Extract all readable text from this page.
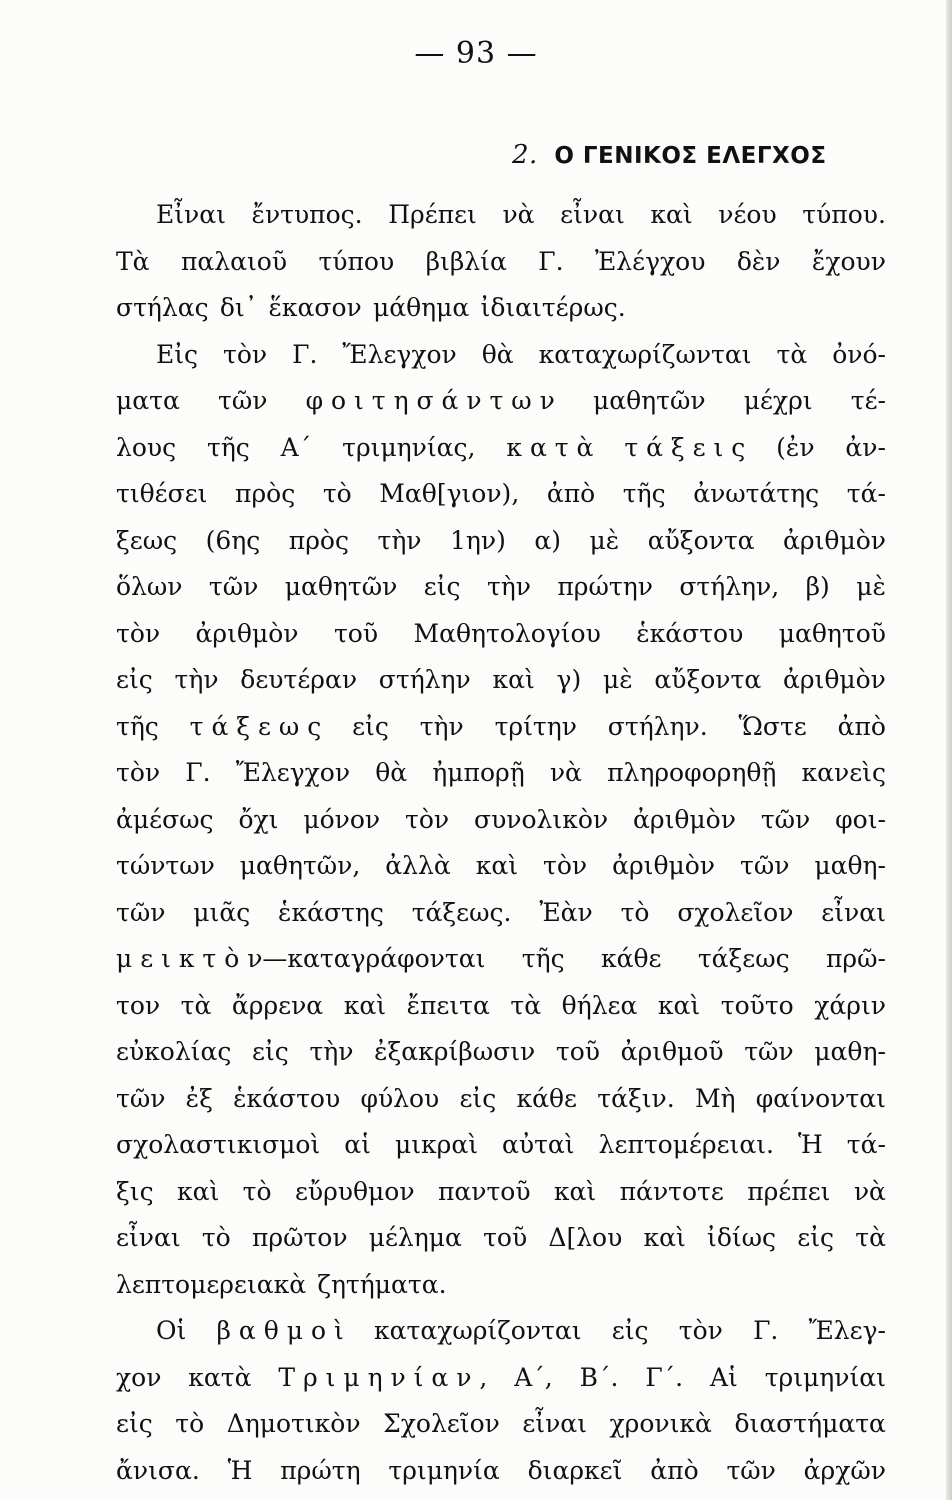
— 93 —
2. Ο ΓΕΝΙΚΟΣ ΕΛΕΓΧΟΣ
Εἶναι ἔντυπος. Πρέπει νὰ εἶναι καὶ νέου τύπου.
Τὰ παλαιοῦ τύπου βιβλία Γ. Ἐλέγχου δὲν ἔχουν
στήλας δι᾿ ἕκασον μάθημα ἰδιαιτέρως.
Εἰς τὸν Γ. Ἔλεγχον θὰ καταχωρίζωνται τὰ ὀνό-
ματα τῶν φ ο ι τ η σ ά ν τ ω ν μαθητῶν μέχρι τέ-
λους τῆς Α΄ τριμηνίας, κ α τ ὰ τ ά ξ ε ι ς (ἐν ἀν-
τιθέσει πρὸς τὸ Μαθ[γιον), ἀπὸ τῆς ἀνωτάτης τά-
ξεως (6ης πρὸς τὴν 1ην) α) μὲ αὔξοντα ἀριθμὸν
ὅλων τῶν μαθητῶν εἰς τὴν πρώτην στήλην, β) μὲ
τὸν ἀριθμὸν τοῦ Μαθητολογίου ἑκάστου μαθητοῦ
εἰς τὴν δευτέραν στήλην καὶ γ) μὲ αὔξοντα ἀριθμὸν
τῆς τ ά ξ ε ω ς εἰς τὴν τρίτην στήλην. Ὥστε ἀπὸ
τὸν Γ. Ἔλεγχον θὰ ἠμπορῇ νὰ πληροφορηθῇ κανεὶς
ἀμέσως ὄχι μόνον τὸν συνολικὸν ἀριθμὸν τῶν φοι-
τώντων μαθητῶν, ἀλλὰ καὶ τὸν ἀριθμὸν τῶν μαθη-
τῶν μιᾶς ἑκάστης τάξεως. Ἐὰν τὸ σχολεῖον εἶναι
μ ε ι κ τ ὸ ν—καταγράφονται τῆς κάθε τάξεως πρῶ-
τον τὰ ἄρρενα καὶ ἔπειτα τὰ θήλεα καὶ τοῦτο χάριν
εὐκολίας εἰς τὴν ἐξακρίβωσιν τοῦ ἀριθμοῦ τῶν μαθη-
τῶν ἐξ ἑκάστου φύλου εἰς κάθε τάξιν. Μὴ φαίνονται
σχολαστικισμοὶ αἱ μικραὶ αὐταὶ λεπτομέρειαι. Ἡ τά-
ξις καὶ τὸ εὔρυθμον παντοῦ καὶ πάντοτε πρέπει νὰ
εἶναι τὸ πρῶτον μέλημα τοῦ Δ[λου καὶ ἰδίως εἰς τὰ
λεπτομερειακὰ ζητήματα.
Οἱ β α θ μ ο ὶ καταχωρίζονται εἰς τὸν Γ. Ἔλεγ-
χον κατὰ Τ ρ ι μ η ν ί α ν , Α΄, Β΄. Γ΄. Αἱ τριμηνίαι
εἰς τὸ Δημοτικὸν Σχολεῖον εἶναι χρονικὰ διαστήματα
ἄνισα. Ἡ πρώτη τριμηνία διαρκεῖ ἀπὸ τῶν ἀρχῶν
